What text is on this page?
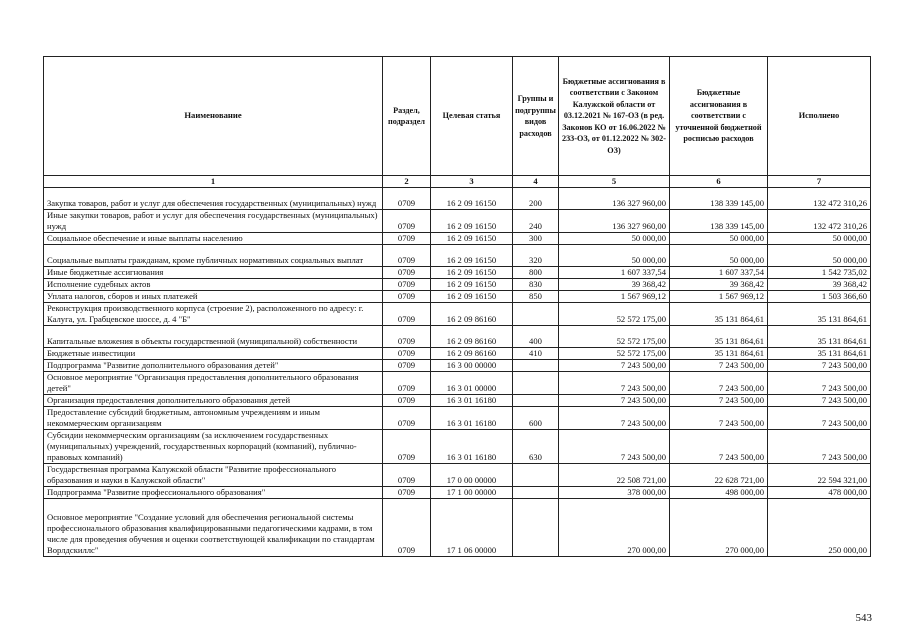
Наименование	Раздел, подраздел	Целевая статья	Группы и подгруппы видов расходов	Бюджетные ассигнования в соответствии с Законом Калужской области от 03.12.2021 № 167-ОЗ (в ред. Законов КО от 16.06.2022 № 233-ОЗ, от 01.12.2022 № 302-ОЗ)	Бюджетные ассигнования в соответствии с уточненной бюджетной росписью расходов	Исполнено
1	2	3	4	5	6	7
Закупка товаров, работ и услуг для обеспечения государственных (муниципальных) нужд	0709	16 2 09 16150	200	136 327 960,00	138 339 145,00	132 472 310,26
Иные закупки товаров, работ и услуг для обеспечения государственных (муниципальных) нужд	0709	16 2 09 16150	240	136 327 960,00	138 339 145,00	132 472 310,26
Социальное обеспечение и иные выплаты населению	0709	16 2 09 16150	300	50 000,00	50 000,00	50 000,00
Социальные выплаты гражданам, кроме публичных нормативных социальных выплат	0709	16 2 09 16150	320	50 000,00	50 000,00	50 000,00
Иные бюджетные ассигнования	0709	16 2 09 16150	800	1 607 337,54	1 607 337,54	1 542 735,02
Исполнение судебных актов	0709	16 2 09 16150	830	39 368,42	39 368,42	39 368,42
Уплата налогов, сборов и иных платежей	0709	16 2 09 16150	850	1 567 969,12	1 567 969,12	1 503 366,60
Реконструкция производственного корпуса (строение 2), расположенного по адресу: г. Калуга, ул. Грабцевское шоссе, д. 4 "Б"	0709	16 2 09 86160		52 572 175,00	35 131 864,61	35 131 864,61
Капитальные вложения в объекты государственной (муниципальной) собственности	0709	16 2 09 86160	400	52 572 175,00	35 131 864,61	35 131 864,61
Бюджетные инвестиции	0709	16 2 09 86160	410	52 572 175,00	35 131 864,61	35 131 864,61
Подпрограмма "Развитие дополнительного образования детей"	0709	16 3 00 00000		7 243 500,00	7 243 500,00	7 243 500,00
Основное мероприятие "Организация предоставления дополнительного образования детей"	0709	16 3 01 00000		7 243 500,00	7 243 500,00	7 243 500,00
Организация предоставления дополнительного образования детей	0709	16 3 01 16180		7 243 500,00	7 243 500,00	7 243 500,00
Предоставление субсидий бюджетным, автономным учреждениям и иным некоммерческим организациям	0709	16 3 01 16180	600	7 243 500,00	7 243 500,00	7 243 500,00
Субсидии некоммерческим организациям (за исключением государственных (муниципальных) учреждений, государственных корпораций (компаний), публично-правовых компаний)	0709	16 3 01 16180	630	7 243 500,00	7 243 500,00	7 243 500,00
Государственная программа Калужской области "Развитие профессионального образования и науки в Калужской области"	0709	17 0 00 00000		22 508 721,00	22 628 721,00	22 594 321,00
Подпрограмма "Развитие профессионального образования"	0709	17 1 00 00000		378 000,00	498 000,00	478 000,00
Основное мероприятие "Создание условий для обеспечения региональной системы профессионального образования квалифицированными педагогическими кадрами, в том числе для проведения обучения и оценки соответствующей квалификации по стандартам Ворлдскиллс"	0709	17 1 06 00000		270 000,00	270 000,00	250 000,00
543
